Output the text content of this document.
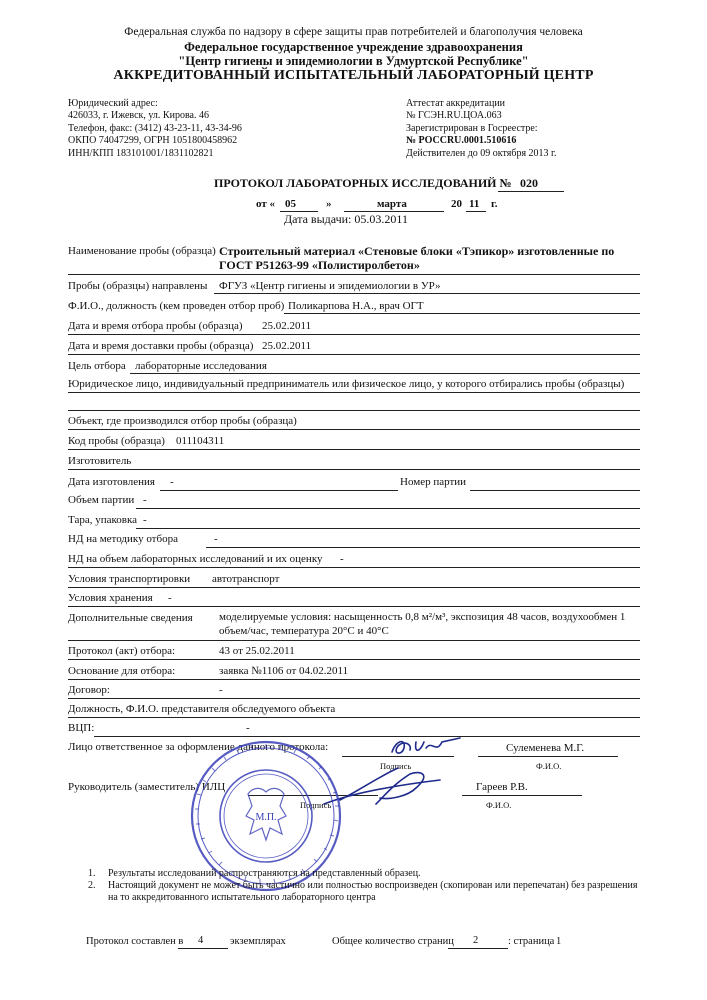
Федеральная служба по надзору в сфере защиты прав потребителей и благополучия человека
Федеральное государственное учреждение здравоохранения
"Центр гигиены и эпидемиологии в Удмуртской Республике"
АККРЕДИТОВАННЫЙ ИСПЫТАТЕЛЬНЫЙ ЛАБОРАТОРНЫЙ ЦЕНТР
Юридический адрес:
426033, г. Ижевск, ул. Кирова. 46
Телефон, факс: (3412) 43-23-11, 43-34-96
ОКПО 74047299, ОГРН 1051800458962
ИНН/КПП 183101001/1831102821
Аттестат аккредитации
№ ГСЭН.RU.ЦОА.063
Зарегистрирован в Госреестре:
№ РОССRU.0001.510616
Действителен до 09 октября 2013 г.
ПРОТОКОЛ ЛАБОРАТОРНЫХ ИССЛЕДОВАНИЙ № 020
от « 05	»	марта	20 11 г.
Дата выдачи: 05.03.2011
Наименование пробы (образца) Строительный материал «Стеновые блоки «Тэпикор» изготовленные по
ГОСТ Р51263-99 «Полистиролбетон»
Пробы (образцы) направлены ФГУЗ «Центр гигиены и эпидемиологии в УР»
Ф.И.О., должность (кем проведен отбор проб) Поликарпова Н.А., врач ОГТ
Дата и время отбора пробы (образца) 25.02.2011
Дата и время доставки пробы (образца) 25.02.2011
Цель отбора лабораторные исследования
Юридическое лицо, индивидуальный предприниматель или физическое лицо, у которого отбирались пробы (образцы)
Объект, где производился отбор пробы (образца)
Код пробы (образца) 011104311
Изготовитель
Дата изготовления -	Номер партии
Объем партии -
Тара, упаковка -
НД на методику отбора	-
НД на объем лабораторных исследований и их оценку -
Условия транспортировки автотранспорт
Условия хранения -
Дополнительные сведения моделируемые условия: насыщенность 0,8 м²/м³, экспозиция 48 часов, воздухообмен 1
объем/час, температура 20°С и 40°С
Протокол (акт) отбора:	43 от 25.02.2011
Основание для отбора:	заявка №1106 от 04.02.2011
Договор:	-
Должность, Ф.И.О. представителя обследуемого объекта
ВЦП:	-
Лицо ответственное за оформление данного протокола:	Сулеменева М.Г.
Подпись	Ф.И.О.
Руководитель (заместитель) ИЛЦ	Гареев Р.В.
Подпись	Ф.И.О.
М.П.
1. Результаты исследований распространяются на представленный образец.
2. Настоящий документ не может быть частично или полностью воспроизведен (скопирован или перепечатан) без разрешения
на то аккредитованного испытательного лабораторного центра
Протокол составлен в 4	экземплярах	Общее количество страниц 2	: страница 1
